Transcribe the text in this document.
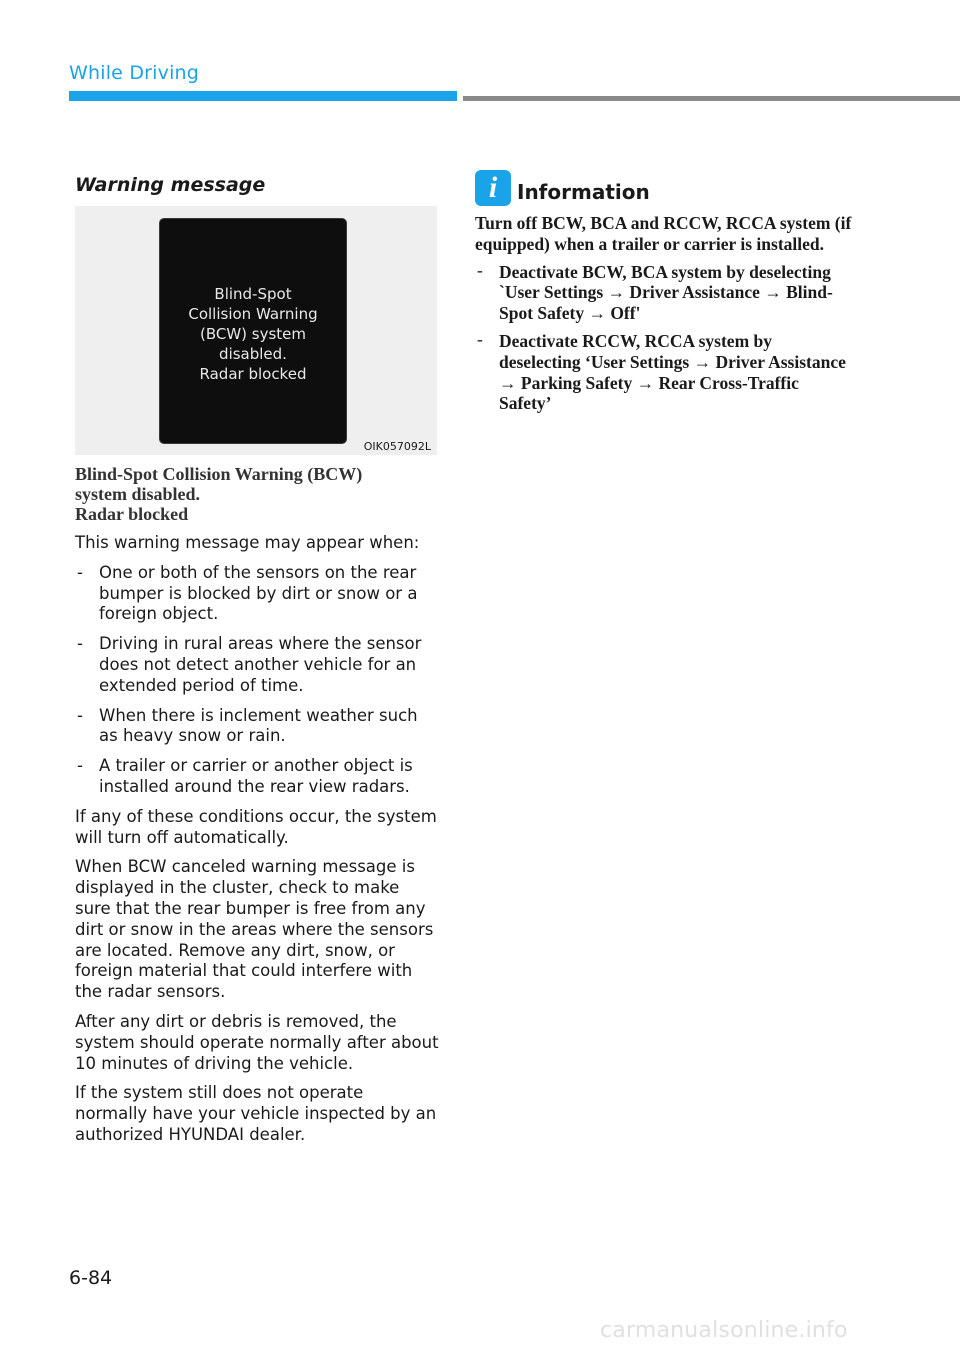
While Driving
Warning message
Blind-Spot
Collision Warning
(BCW) system
disabled.
Radar blocked
OIK057092L
Blind-Spot Collision Warning (BCW)
system disabled.
Radar blocked

This warning message may appear when:

- One or both of the sensors on the rear bumper is blocked by dirt or snow or a foreign object.
- Driving in rural areas where the sensor does not detect another vehicle for an extended period of time.
- When there is inclement weather such as heavy snow or rain.
- A trailer or carrier or another object is installed around the rear view radars.

If any of these conditions occur, the system will turn off automatically.

When BCW canceled warning message is displayed in the cluster, check to make sure that the rear bumper is free from any dirt or snow in the areas where the sensors are located. Remove any dirt, snow, or foreign material that could interfere with the radar sensors.

After any dirt or debris is removed, the system should operate normally after about 10 minutes of driving the vehicle.

If the system still does not operate normally have your vehicle inspected by an authorized HYUNDAI dealer.

i Information

Turn off BCW, BCA and RCCW, RCCA system (if equipped) when a trailer or carrier is installed.

- Deactivate BCW, BCA system by deselecting `User Settings → Driver Assistance → Blind-Spot Safety → Off'
- Deactivate RCCW, RCCA system by deselecting ‘User Settings → Driver Assistance → Parking Safety → Rear Cross-Traffic Safety’
6-84
carmanualsonline.info
